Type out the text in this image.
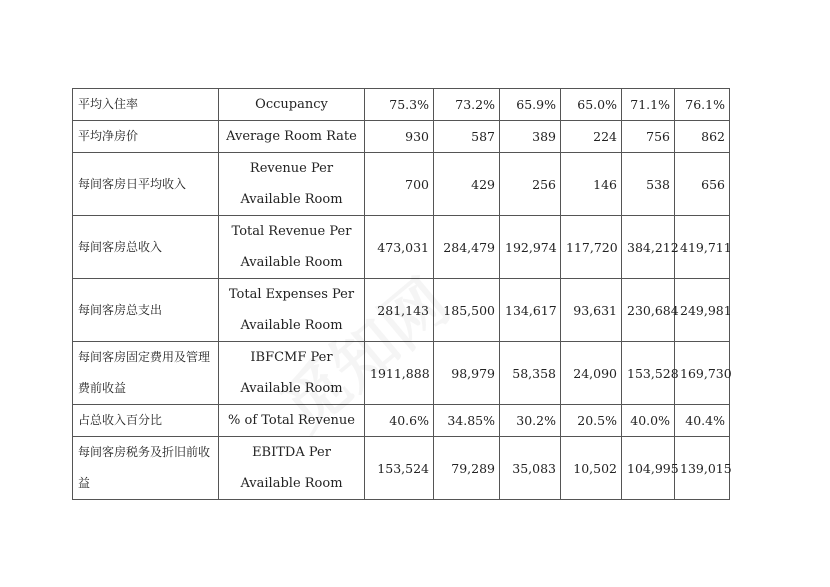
平均入住率	Occupancy	75.3%	73.2%	65.9%	65.0%	71.1%	76.1%
平均净房价	Average Room Rate	930	587	389	224	756	862
每间客房日平均收入	Revenue Per Available Room	700	429	256	146	538	656
每间客房总收入	Total Revenue Per Available Room	473,031	284,479	192,974	117,720	384,212	419,711
每间客房总支出	Total Expenses Per Available Room	281,143	185,500	134,617	93,631	230,684	249,981
每间客房固定费用及管理费前收益	IBFCMF Per Available Room	1911,888	98,979	58,358	24,090	153,528	169,730
占总收入百分比	% of Total Revenue	40.6%	34.85%	30.2%	20.5%	40.0%	40.4%
每间客房税务及折旧前收益	EBITDA Per Available Room	153,524	79,289	35,083	10,502	104,995	139,015
